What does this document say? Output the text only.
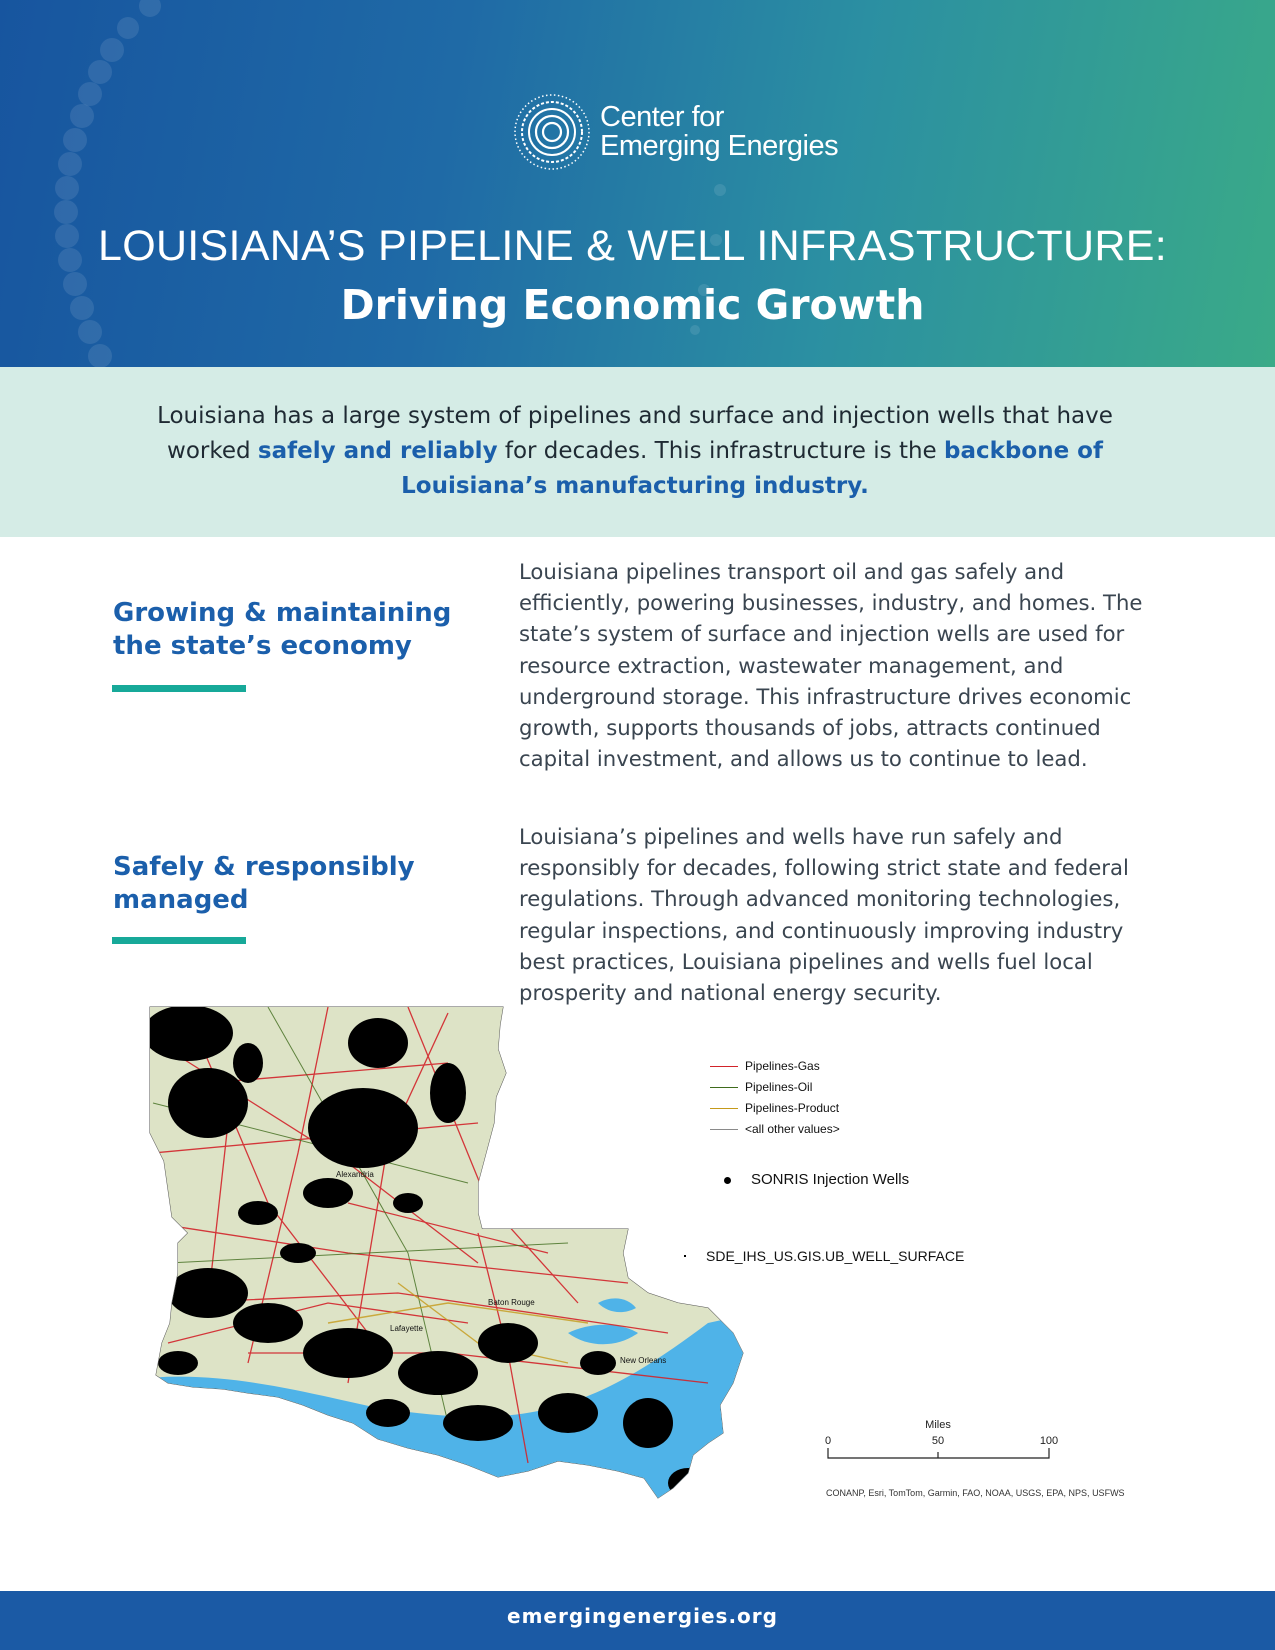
Center for
Emerging Energies
LOUISIANA’S PIPELINE & WELL INFRASTRUCTURE:
Driving Economic Growth
Louisiana has a large system of pipelines and surface and injection wells that have worked safely and reliably for decades. This infrastructure is the backbone of Louisiana’s manufacturing industry.
Growing & maintaining the state’s economy
Louisiana pipelines transport oil and gas safely and efficiently, powering businesses, industry, and homes. The state’s system of surface and injection wells are used for resource extraction, wastewater management, and underground storage. This infrastructure drives economic growth, supports thousands of jobs, attracts continued capital investment, and allows us to continue to lead.
Safely & responsibly managed
Louisiana’s pipelines and wells have run safely and responsibly for decades, following strict state and federal regulations. Through advanced monitoring technologies, regular inspections, and continuously improving industry best practices, Louisiana pipelines and wells fuel local prosperity and national energy security.
Alexandria
Baton Rouge
Lafayette
New Orleans
Pipelines-Gas
Pipelines-Oil
Pipelines-Product
<all other values>
SONRIS Injection Wells
SDE_IHS_US.GIS.UB_WELL_SURFACE
Miles
0	50	100
CONANP, Esri, TomTom, Garmin, FAO, NOAA, USGS, EPA, NPS, USFWS
emergingenergies.org
